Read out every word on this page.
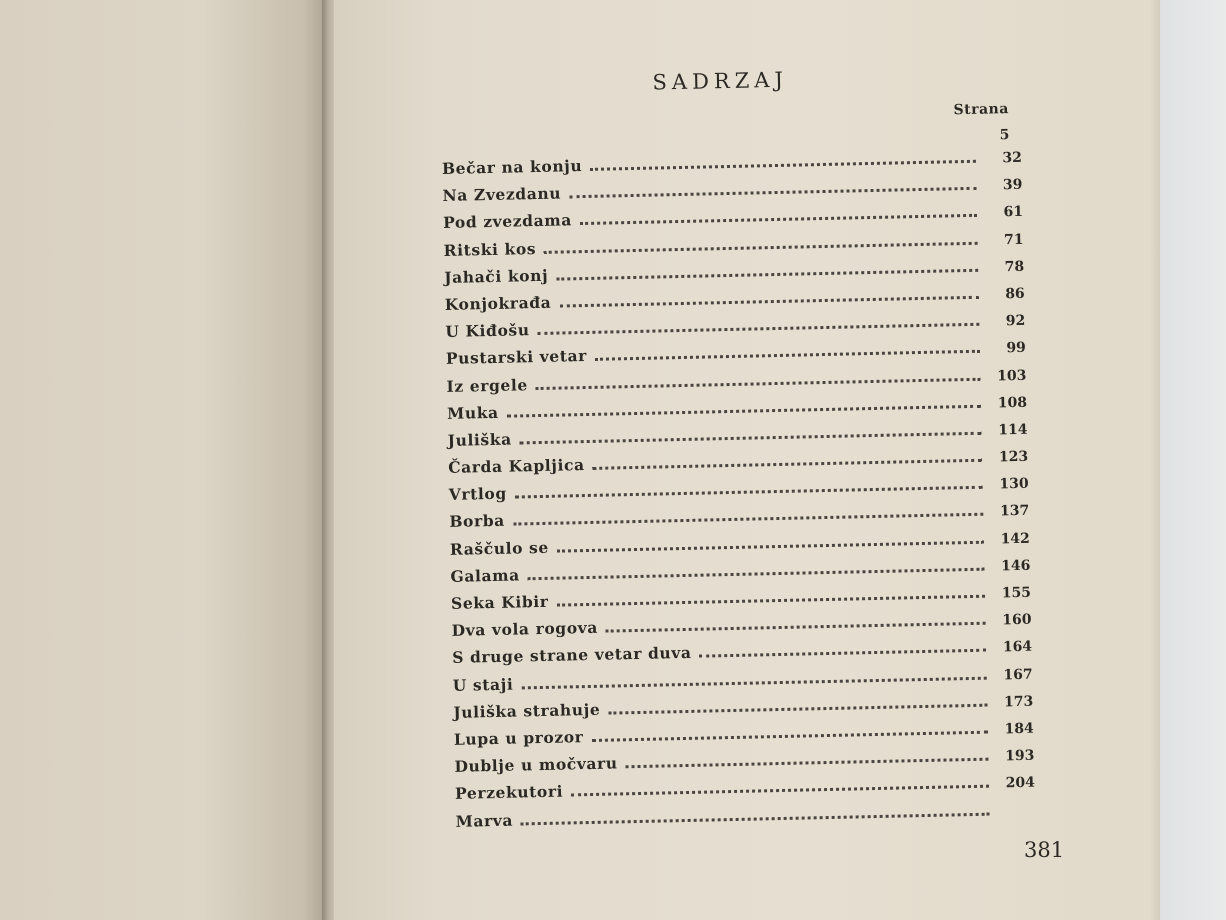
SADRZAJ
Strana
5
Bečar na konju	32
Na Zvezdanu	39
Pod zvezdama	61
Ritski kos	71
Jahači konj	78
Konjokrađa	86
U Kiđošu	92
Pustarski vetar	99
Iz ergele	103
Muka	108
Juliška	114
Čarda Kapljica	123
Vrtlog	130
Borba	137
Raščulo se	142
Galama	146
Seka Kibir	155
Dva vola rogova	160
S druge strane vetar duva	164
U staji	167
Juliška strahuje	173
Lupa u prozor	184
Dublje u močvaru	193
Perzekutori	204
Marva
381
